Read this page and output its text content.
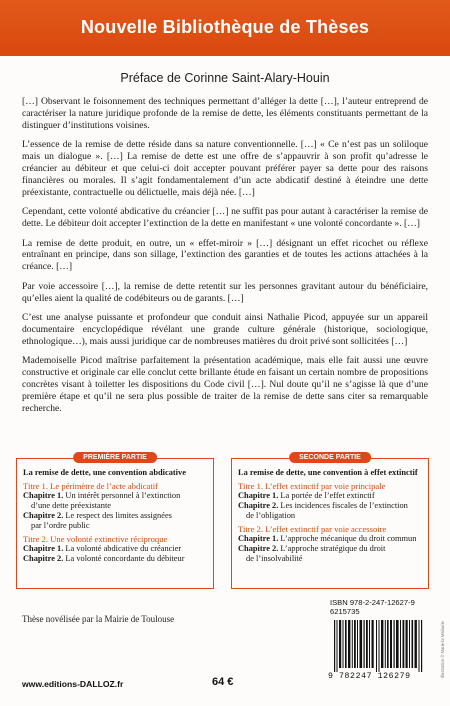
Nouvelle Bibliothèque de Thèses
Préface de Corinne Saint-Alary-Houin

[…] Observant le foisonnement des techniques permettant d’alléger la dette […], l’auteur entreprend de caractériser la nature juridique profonde de la remise de dette, les éléments constituants permettant de la distinguer d’institutions voisines.

L’essence de la remise de dette réside dans sa nature conventionnelle. […] « Ce n’est pas un soliloque mais un dialogue ». […] La remise de dette est une offre de s’appauvrir à son profit qu’adresse le créancier au débiteur et que celui-ci doit accepter pouvant préférer payer sa dette pour des raisons financières ou morales. Il s’agit fondamentalement d’un acte abdicatif destiné à éteindre une dette préexistante, contractuelle ou délictuelle, mais déjà née. […]

Cependant, cette volonté abdicative du créancier […] ne suffit pas pour autant à caractériser la remise de dette. Le débiteur doit accepter l’extinction de la dette en manifestant « une volonté concordante ». […]

La remise de dette produit, en outre, un « effet-miroir » […] désignant un effet ricochet ou réflexe entraînant en principe, dans son sillage, l’extinction des garanties et de toutes les actions attachées à la créance. […]

Par voie accessoire […], la remise de dette retentit sur les personnes gravitant autour du bénéficiaire, qu’elles aient la qualité de codébiteurs ou de garants. […]

C’est une analyse puissante et profondeur que conduit ainsi Nathalie Picod, appuyée sur un appareil documentaire encyclopédique révélant une grande culture générale (historique, sociologique, ethnologique…), mais aussi juridique car de nombreuses matières du droit privé sont sollicitées […]

Mademoiselle Picod maîtrise parfaitement la présentation académique, mais elle fait aussi une œuvre constructive et originale car elle conclut cette brillante étude en faisant un certain nombre de propositions concrètes visant à toiletter les dispositions du Code civil […]. Nul doute qu’il ne s’agisse là que d’une première étape et qu’il ne sera plus possible de traiter de la remise de dette sans citer sa remarquable recherche.

PREMIÈRE PARTIE
La remise de dette, une convention abdicative
Titre 1. Le périmètre de l’acte abdicatif
Chapitre 1. Un intérêt personnel à l’extinction
d’une dette préexistante
Chapitre 2. Le respect des limites assignées
par l’ordre public
Titre 2. Une volonté extinctive réciproque
Chapitre 1. La volonté abdicative du créancier
Chapitre 2. La volonté concordante du débiteur
SECONDE PARTIE
La remise de dette, une convention à effet extinctif
Titre 1. L’effet extinctif par voie principale
Chapitre 1. La portée de l’effet extinctif
Chapitre 2. Les incidences fiscales de l’extinction
de l’obligation
Titre 2. L’effet extinctif par voie accessoire
Chapitre 1. L’approche mécanique du droit commun
Chapitre 2. L’approche stratégique du droit
de l’insolvabilité
Thèse novélisée par la Mairie de Toulouse
ISBN 978-2-247-12627-9
6215735
9 782247 126279	Illustration © Marie-la Malaurie
www.editions-DALLOZ.fr	64 €
